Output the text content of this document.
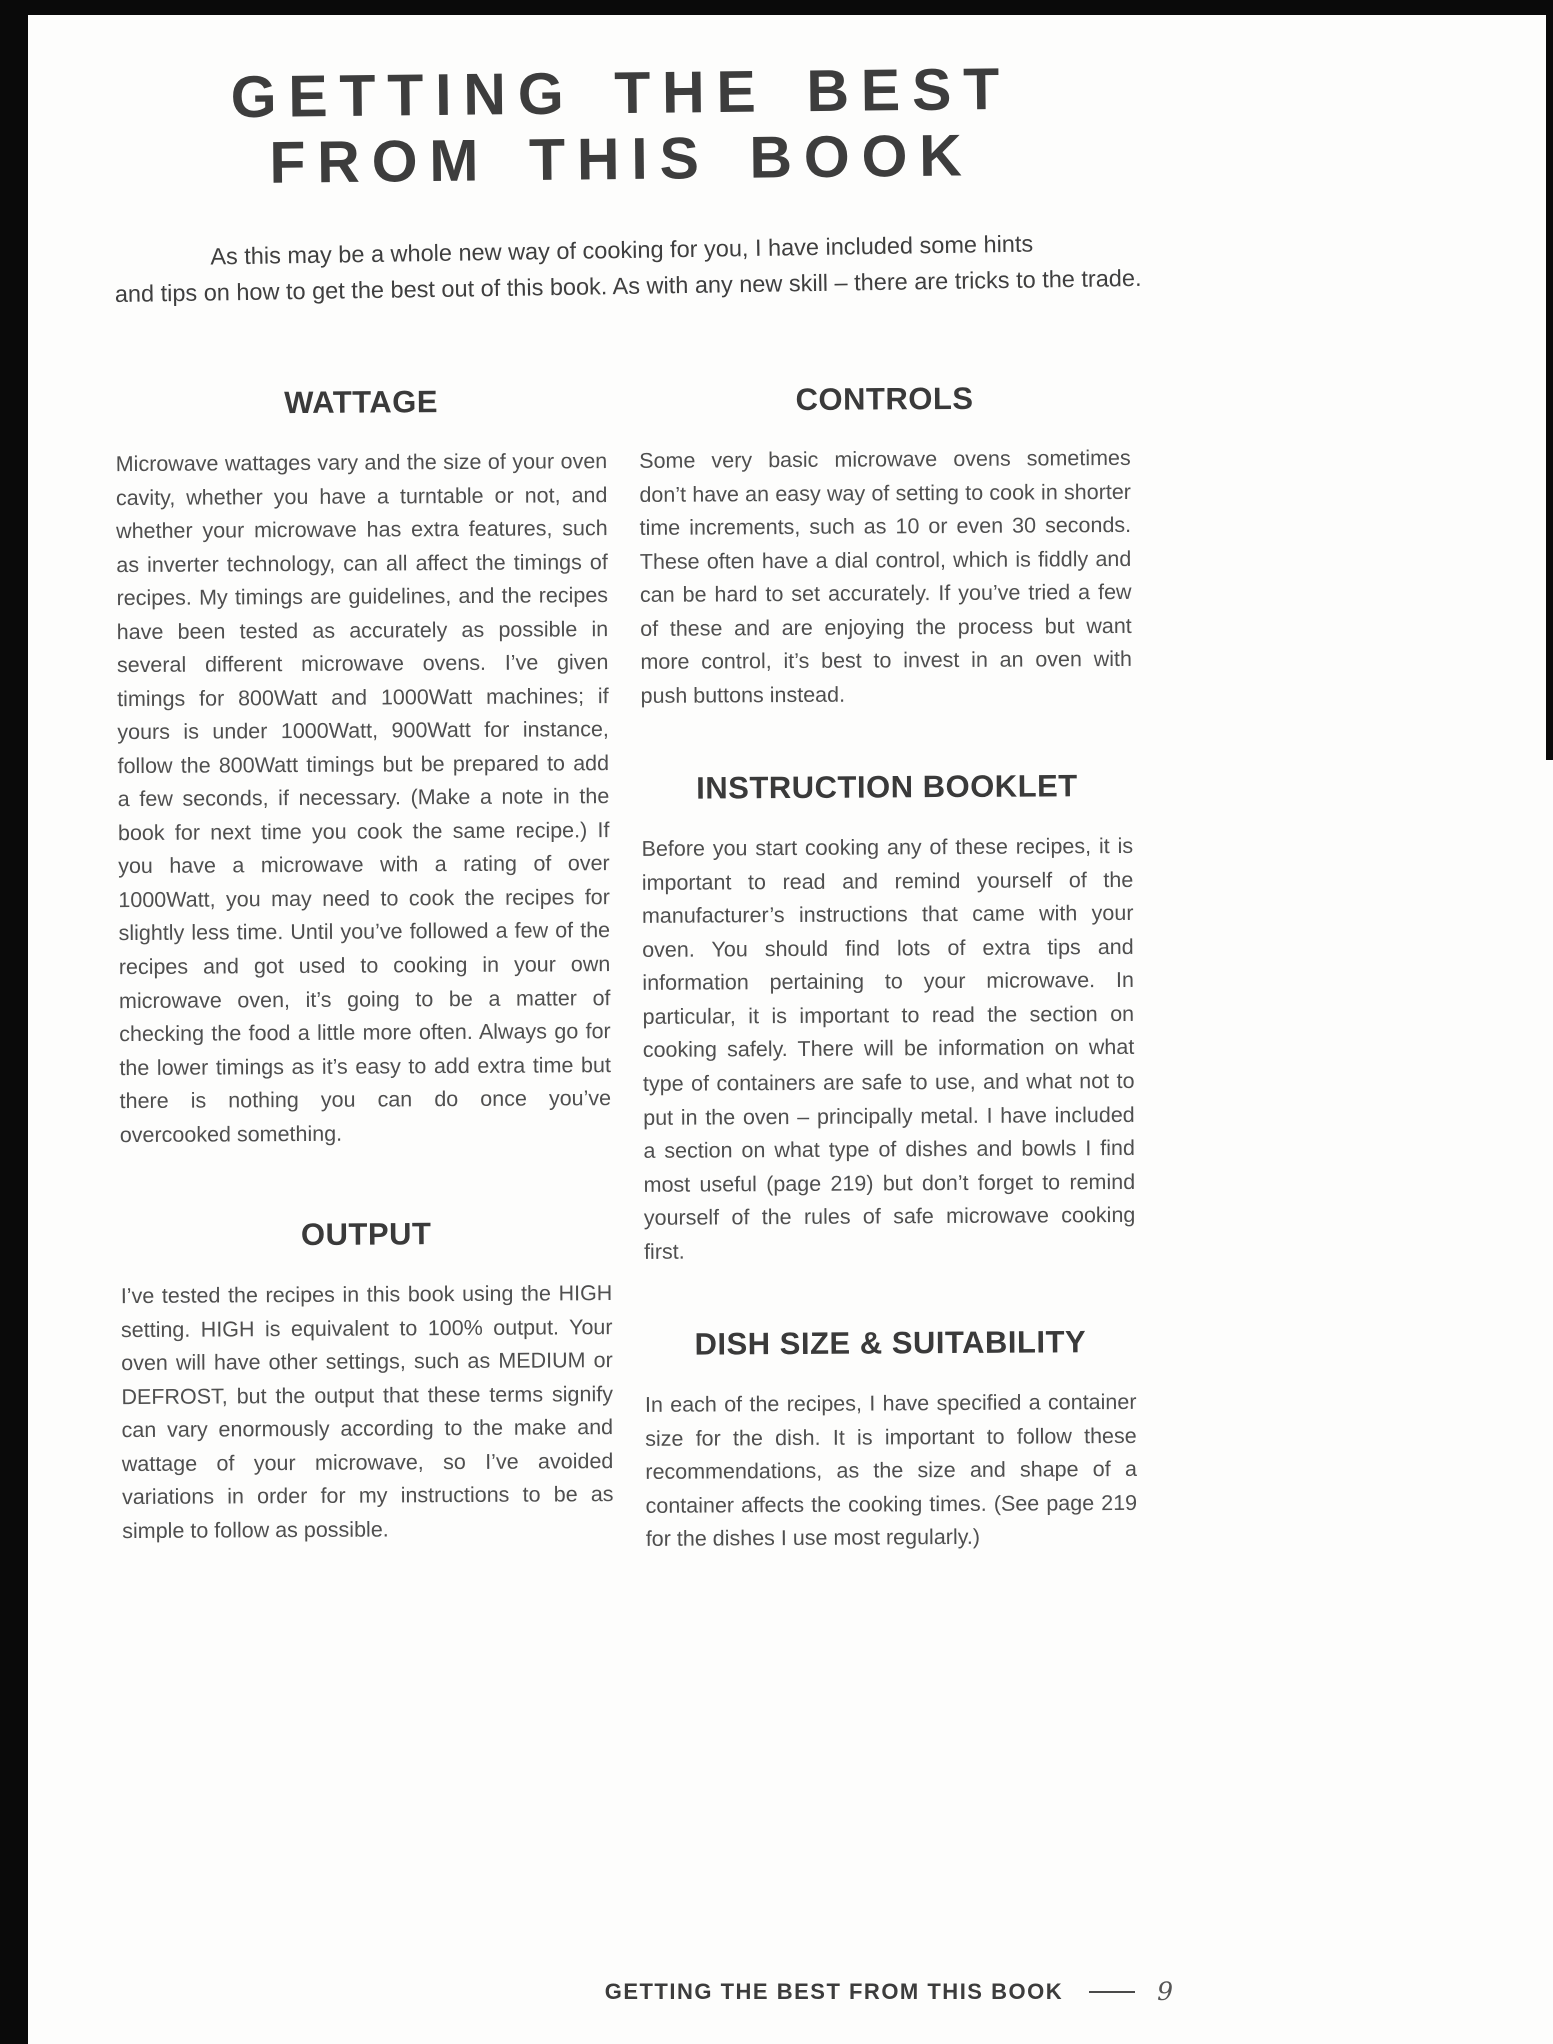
GETTING THE BEST
FROM THIS BOOK
As this may be a whole new way of cooking for you, I have included some hints
and tips on how to get the best out of this book. As with any new skill – there are tricks to the trade.
WATTAGE

Microwave wattages vary and the size of your oven cavity, whether you have a turntable or not, and whether your microwave has extra features, such as inverter technology, can all affect the timings of recipes. My timings are guidelines, and the recipes have been tested as accurately as possible in several different microwave ovens. I’ve given timings for 800Watt and 1000Watt machines; if yours is under 1000Watt, 900Watt for instance, follow the 800Watt timings but be prepared to add a few seconds, if necessary. (Make a note in the book for next time you cook the same recipe.) If you have a microwave with a rating of over 1000Watt, you may need to cook the recipes for slightly less time. Until you’ve followed a few of the recipes and got used to cooking in your own microwave oven, it’s going to be a matter of checking the food a little more often. Always go for the lower timings as it’s easy to add extra time but there is nothing you can do once you’ve overcooked something.

OUTPUT

I’ve tested the recipes in this book using the HIGH setting. HIGH is equivalent to 100% output. Your oven will have other settings, such as MEDIUM or DEFROST, but the output that these terms signify can vary enormously according to the make and wattage of your microwave, so I’ve avoided variations in order for my instructions to be as simple to follow as possible.

CONTROLS

Some very basic microwave ovens sometimes don’t have an easy way of setting to cook in shorter time increments, such as 10 or even 30 seconds. These often have a dial control, which is fiddly and can be hard to set accurately. If you’ve tried a few of these and are enjoying the process but want more control, it’s best to invest in an oven with push buttons instead.

INSTRUCTION BOOKLET

Before you start cooking any of these recipes, it is important to read and remind yourself of the manufacturer’s instructions that came with your oven. You should find lots of extra tips and information pertaining to your microwave. In particular, it is important to read the section on cooking safely. There will be information on what type of containers are safe to use, and what not to put in the oven – principally metal. I have included a section on what type of dishes and bowls I find most useful (page 219) but don’t forget to remind yourself of the rules of safe microwave cooking first.

DISH SIZE & SUITABILITY

In each of the recipes, I have specified a container size for the dish. It is important to follow these recommendations, as the size and shape of a container affects the cooking times. (See page 219 for the dishes I use most regularly.)

GETTING THE BEST FROM THIS BOOK	9
